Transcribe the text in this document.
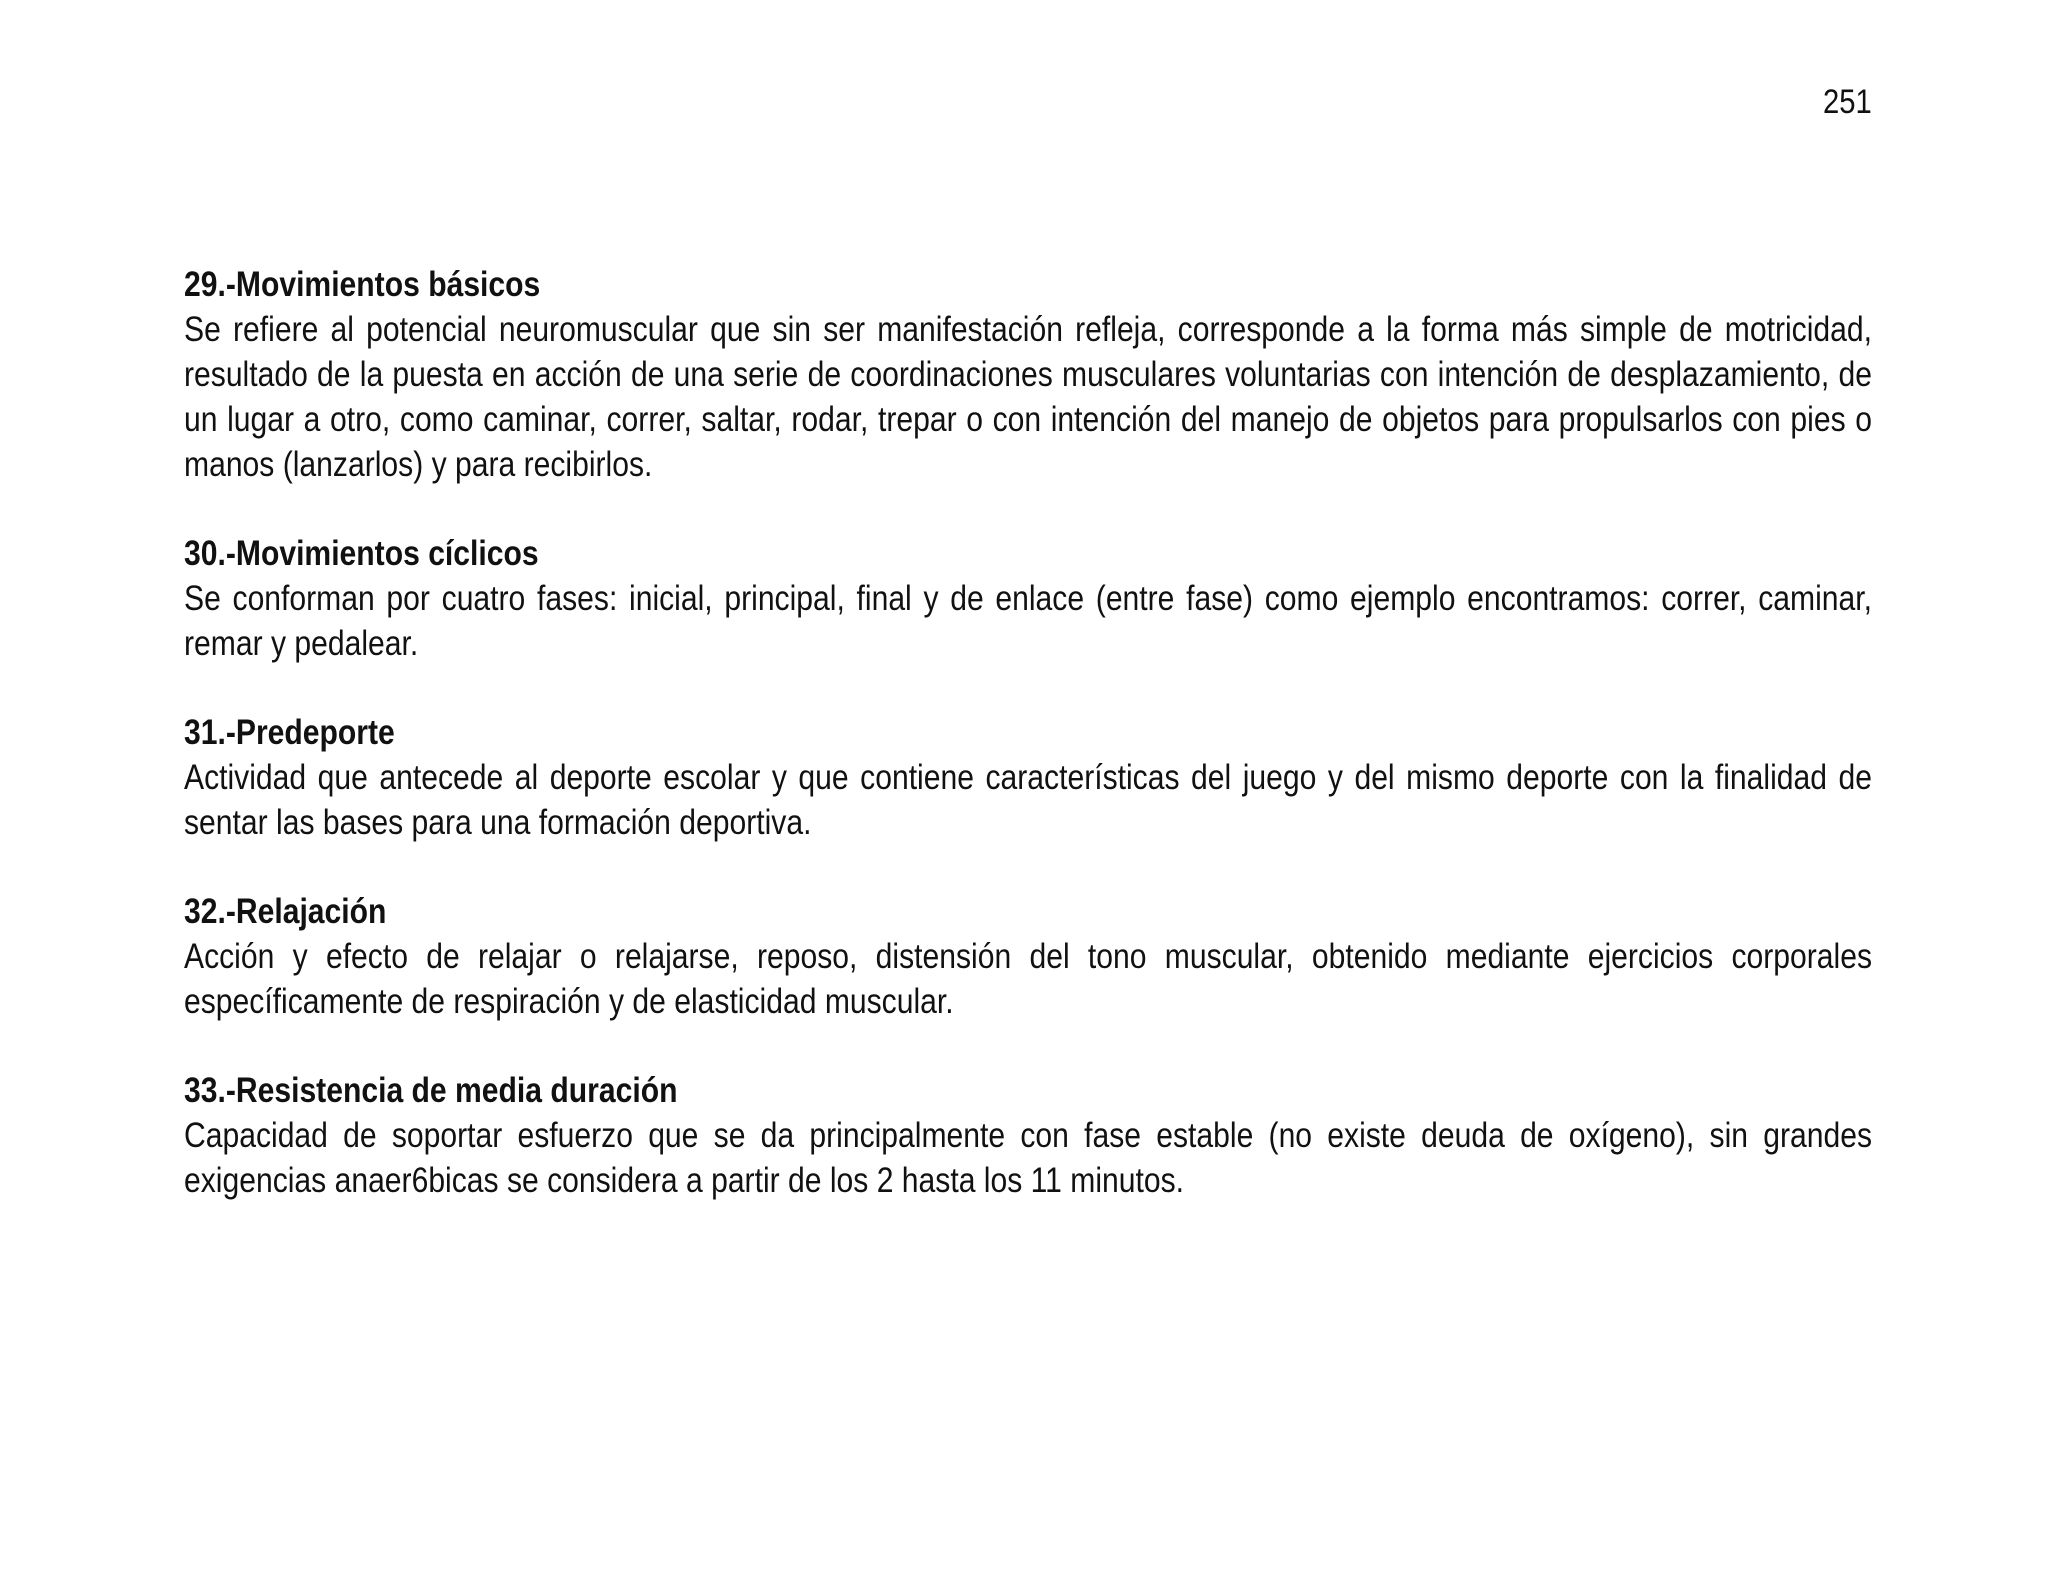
251
29.-Movimientos básicos
Se refiere al potencial neuromuscular que sin ser manifestación refleja, corresponde a la forma más simple de motricidad, resultado de la puesta en acción de una serie de coordinaciones musculares voluntarias con intención de desplazamiento, de un lugar a otro, como caminar, correr, saltar, rodar, trepar o con intención del manejo de objetos para propulsarlos con pies o manos (lanzarlos) y para recibirlos.
30.-Movimientos cíclicos
Se conforman por cuatro fases: inicial, principal, final y de enlace (entre fase) como ejemplo encontramos: correr, caminar, remar y pedalear.
31.-Predeporte
Actividad que antecede al deporte escolar y que contiene características del juego y del mismo deporte con la finalidad de sentar las bases para una formación deportiva.
32.-Relajación
Acción y efecto de relajar o relajarse, reposo, distensión del tono muscular, obtenido mediante ejercicios corporales específicamente de respiración y de elasticidad muscular.
33.-Resistencia de media duración
Capacidad de soportar esfuerzo que se da principalmente con fase estable (no existe deuda de oxígeno), sin grandes exigencias anaer6bicas se considera a partir de los 2 hasta los 11 minutos.
